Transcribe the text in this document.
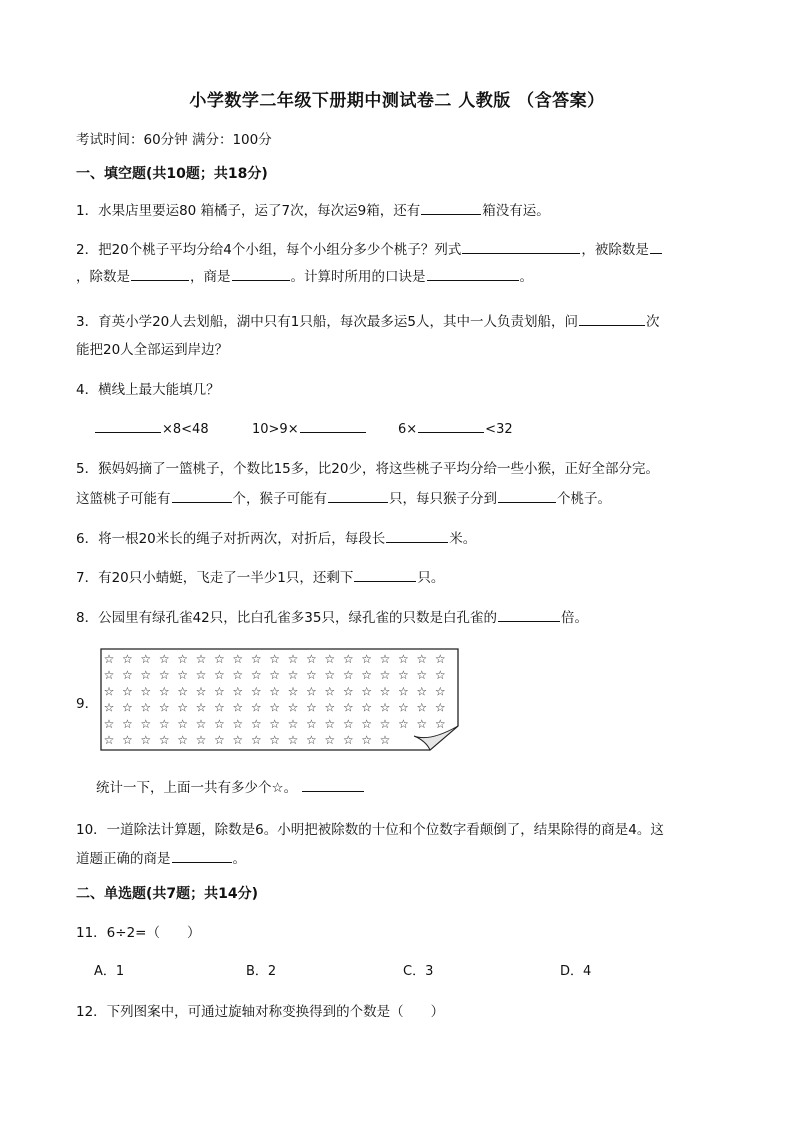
小学数学二年级下册期中测试卷二 人教版 （含答案）
考试时间：60分钟 满分：100分
一、填空题(共10题；共18分)
1．水果店里要运80 箱橘子，运了7次，每次运9箱，还有	箱没有运。
2．把20个桃子平均分给4个小组，每个小组分多少个桃子？列式	，被除数是
，除数是	，商是	。计算时所用的口诀是	。
3．育英小学20人去划船，湖中只有1只船，每次最多运5人，其中一人负责划船，问	次
能把20人全部运到岸边？
4．横线上最大能填几？
×8<48	10>9×	6×	<32
5．猴妈妈摘了一篮桃子，个数比15多，比20少，将这些桃子平均分给一些小猴，正好全部分完。
这篮桃子可能有	个，猴子可能有	只，每只猴子分到	个桃子。
6．将一根20米长的绳子对折两次，对折后，每段长	米。
7．有20只小蜻蜓，飞走了一半少1只，还剩下	只。
8．公园里有绿孔雀42只，比白孔雀多35只，绿孔雀的只数是白孔雀的	倍。
9．
☆ ☆ ☆ ☆ ☆ ☆ ☆ ☆ ☆ ☆ ☆ ☆ ☆ ☆ ☆ ☆ ☆ ☆ ☆
☆ ☆ ☆ ☆ ☆ ☆ ☆ ☆ ☆ ☆ ☆ ☆ ☆ ☆ ☆ ☆ ☆ ☆ ☆
☆ ☆ ☆ ☆ ☆ ☆ ☆ ☆ ☆ ☆ ☆ ☆ ☆ ☆ ☆ ☆ ☆ ☆ ☆
☆ ☆ ☆ ☆ ☆ ☆ ☆ ☆ ☆ ☆ ☆ ☆ ☆ ☆ ☆ ☆ ☆ ☆ ☆
☆ ☆ ☆ ☆ ☆ ☆ ☆ ☆ ☆ ☆ ☆ ☆ ☆ ☆ ☆ ☆ ☆ ☆ ☆
☆ ☆ ☆ ☆ ☆ ☆ ☆ ☆ ☆ ☆ ☆ ☆ ☆ ☆ ☆ ☆
统计一下，上面一共有多少个☆。
10．一道除法计算题，除数是6。小明把被除数的十位和个位数字看颠倒了，结果除得的商是4。这
道题正确的商是	。
二、单选题(共7题；共14分)
11．6÷2=（　　）
A．1	B．2	C．3	D．4
12．下列图案中，可通过旋轴对称变换得到的个数是（　　）
